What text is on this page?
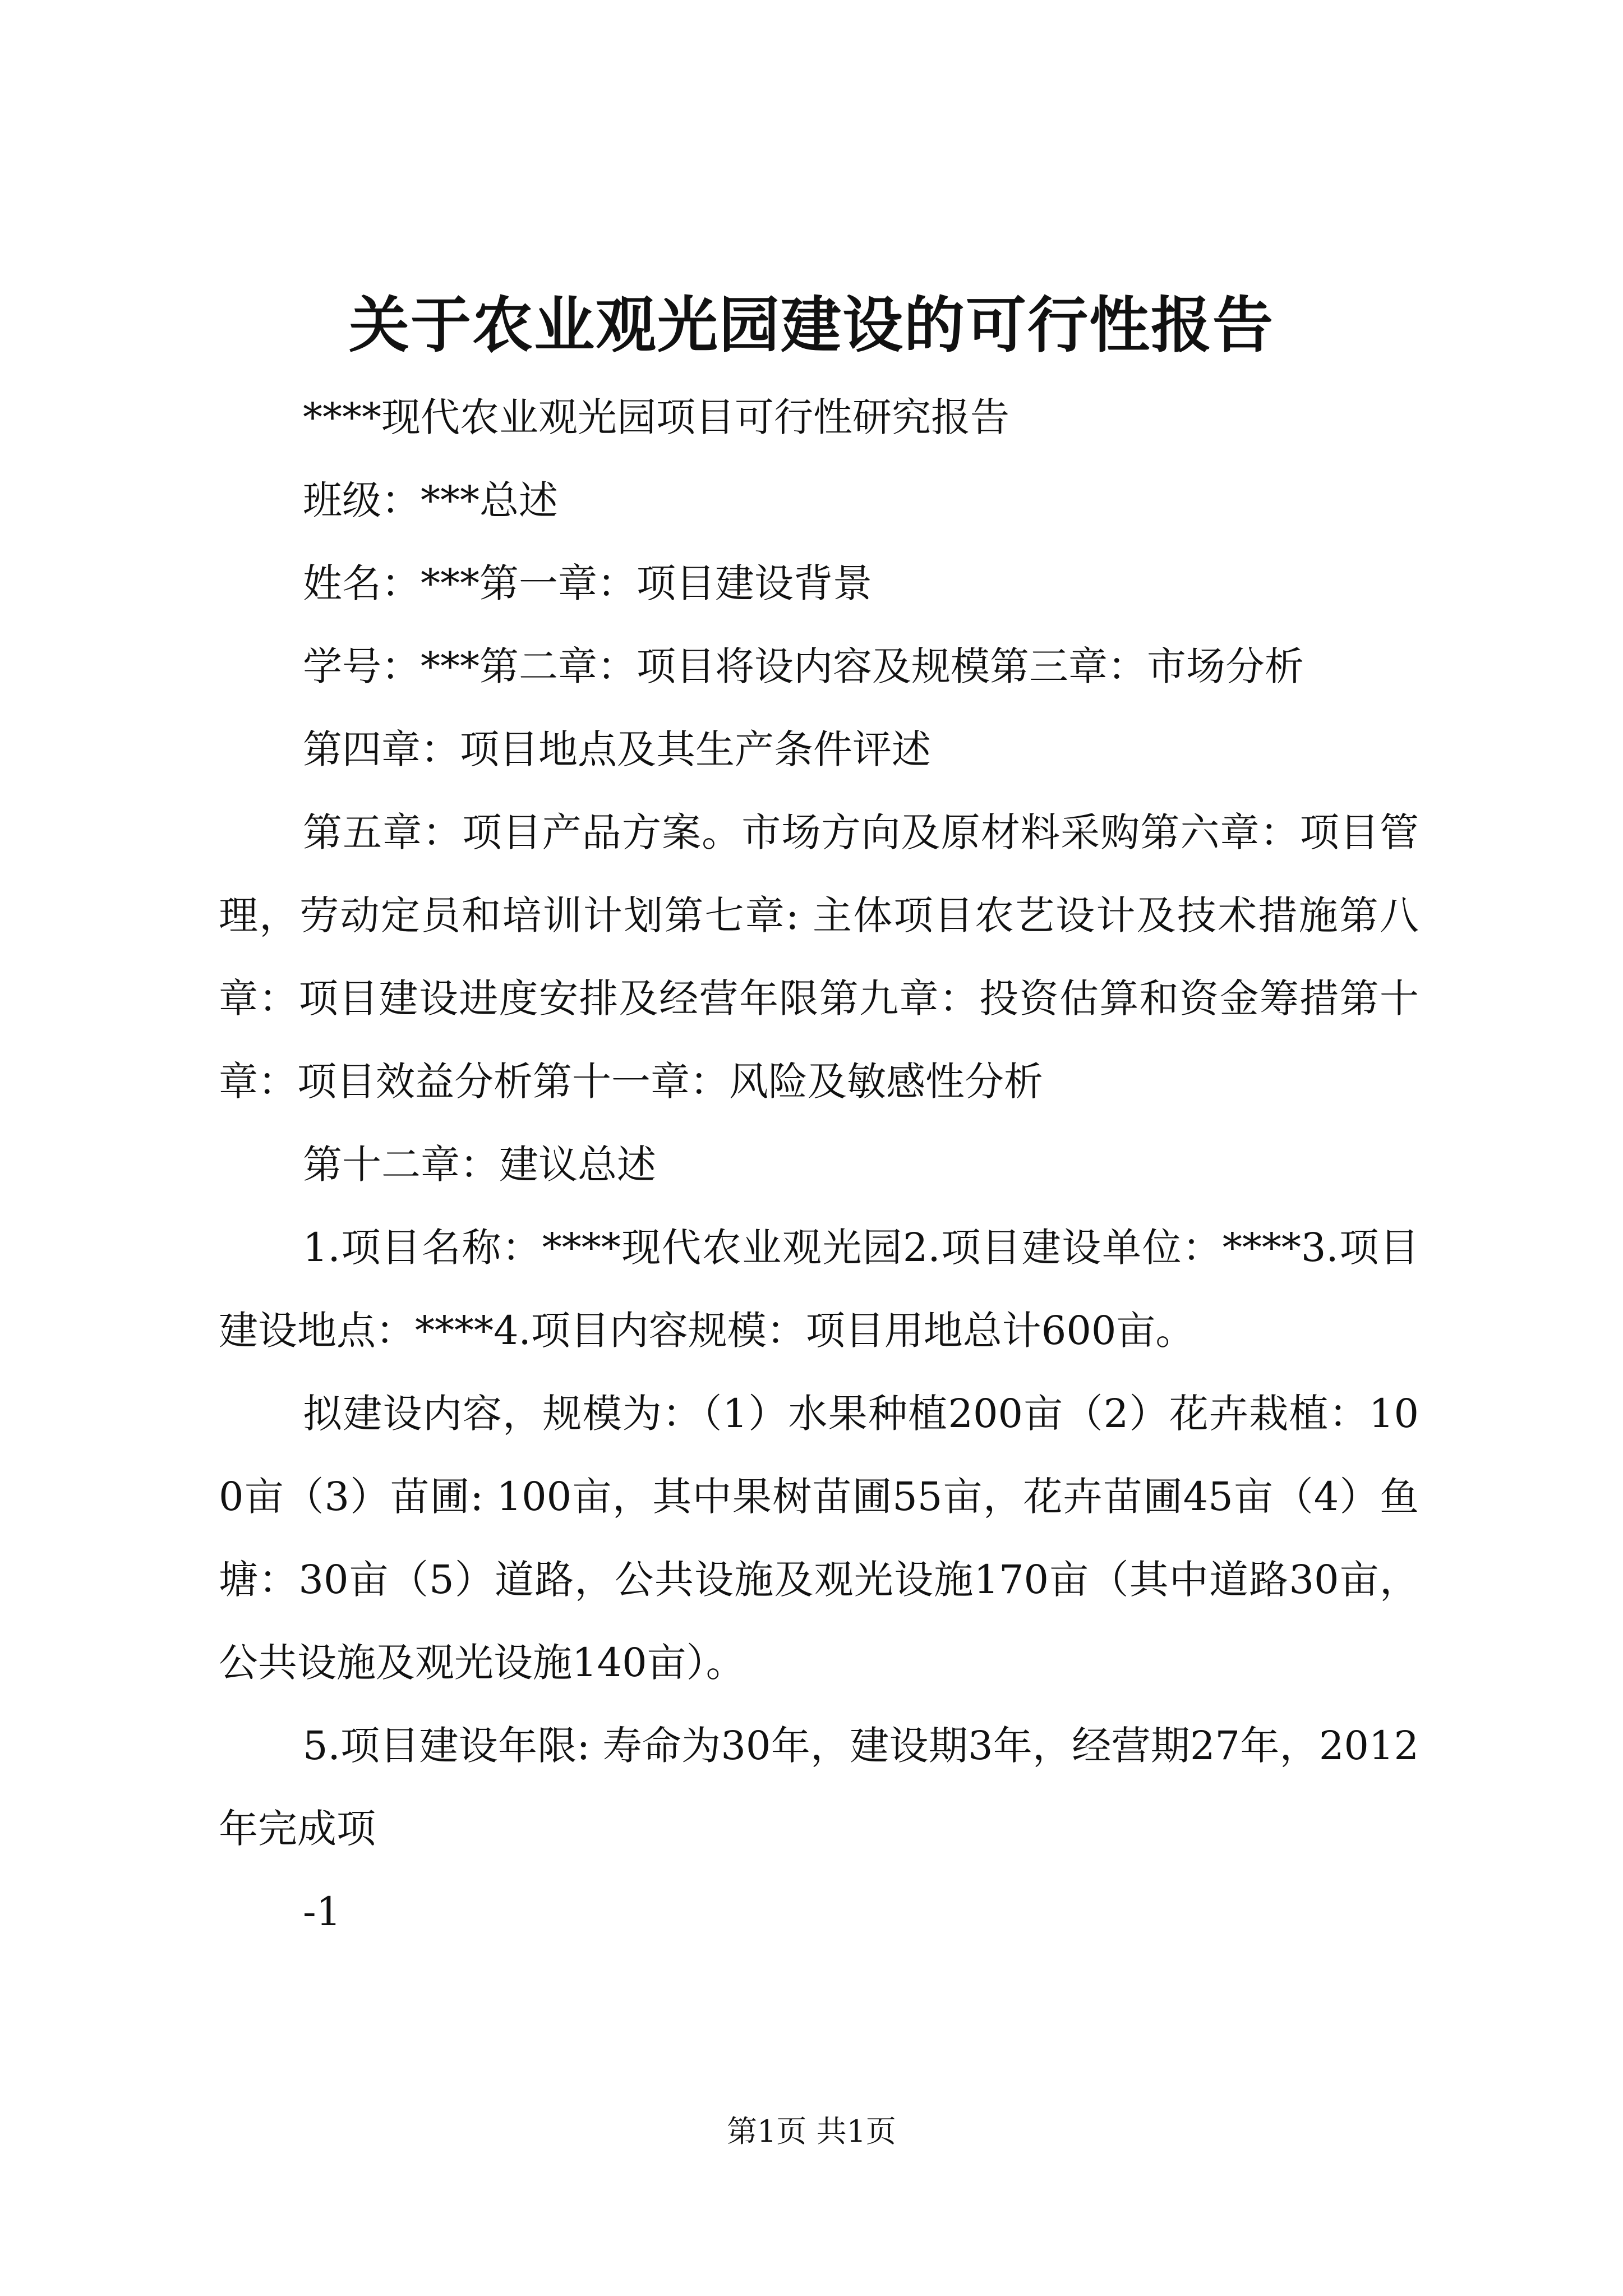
关于农业观光园建设的可行性报告

****现代农业观光园项目可行性研究报告

班级：***总述

姓名：***第一章：项目建设背景

学号：***第二章：项目将设内容及规模第三章：市场分析

第四章：项目地点及其生产条件评述

第五章：项目产品方案。市场方向及原材料采购第六章：项目管理，劳动定员和培训计划第七章: 主体项目农艺设计及技术措施第八章：项目建设进度安排及经营年限第九章：投资估算和资金筹措第十章：项目效益分析第十一章：风险及敏感性分析

第十二章：建议总述

1.项目名称：****现代农业观光园2.项目建设单位：****3.项目建设地点：****4.项目内容规模：项目用地总计600亩。

拟建设内容，规模为：（1）水果种植200亩（2）花卉栽植：100亩（3）苗圃: 100亩，其中果树苗圃55亩，花卉苗圃45亩（4）鱼塘：30亩（5）道路，公共设施及观光设施170亩（其中道路30亩，公共设施及观光设施140亩）。

5.项目建设年限: 寿命为30年，建设期3年，经营期27年，2012年完成项

-1

第1页 共1页
